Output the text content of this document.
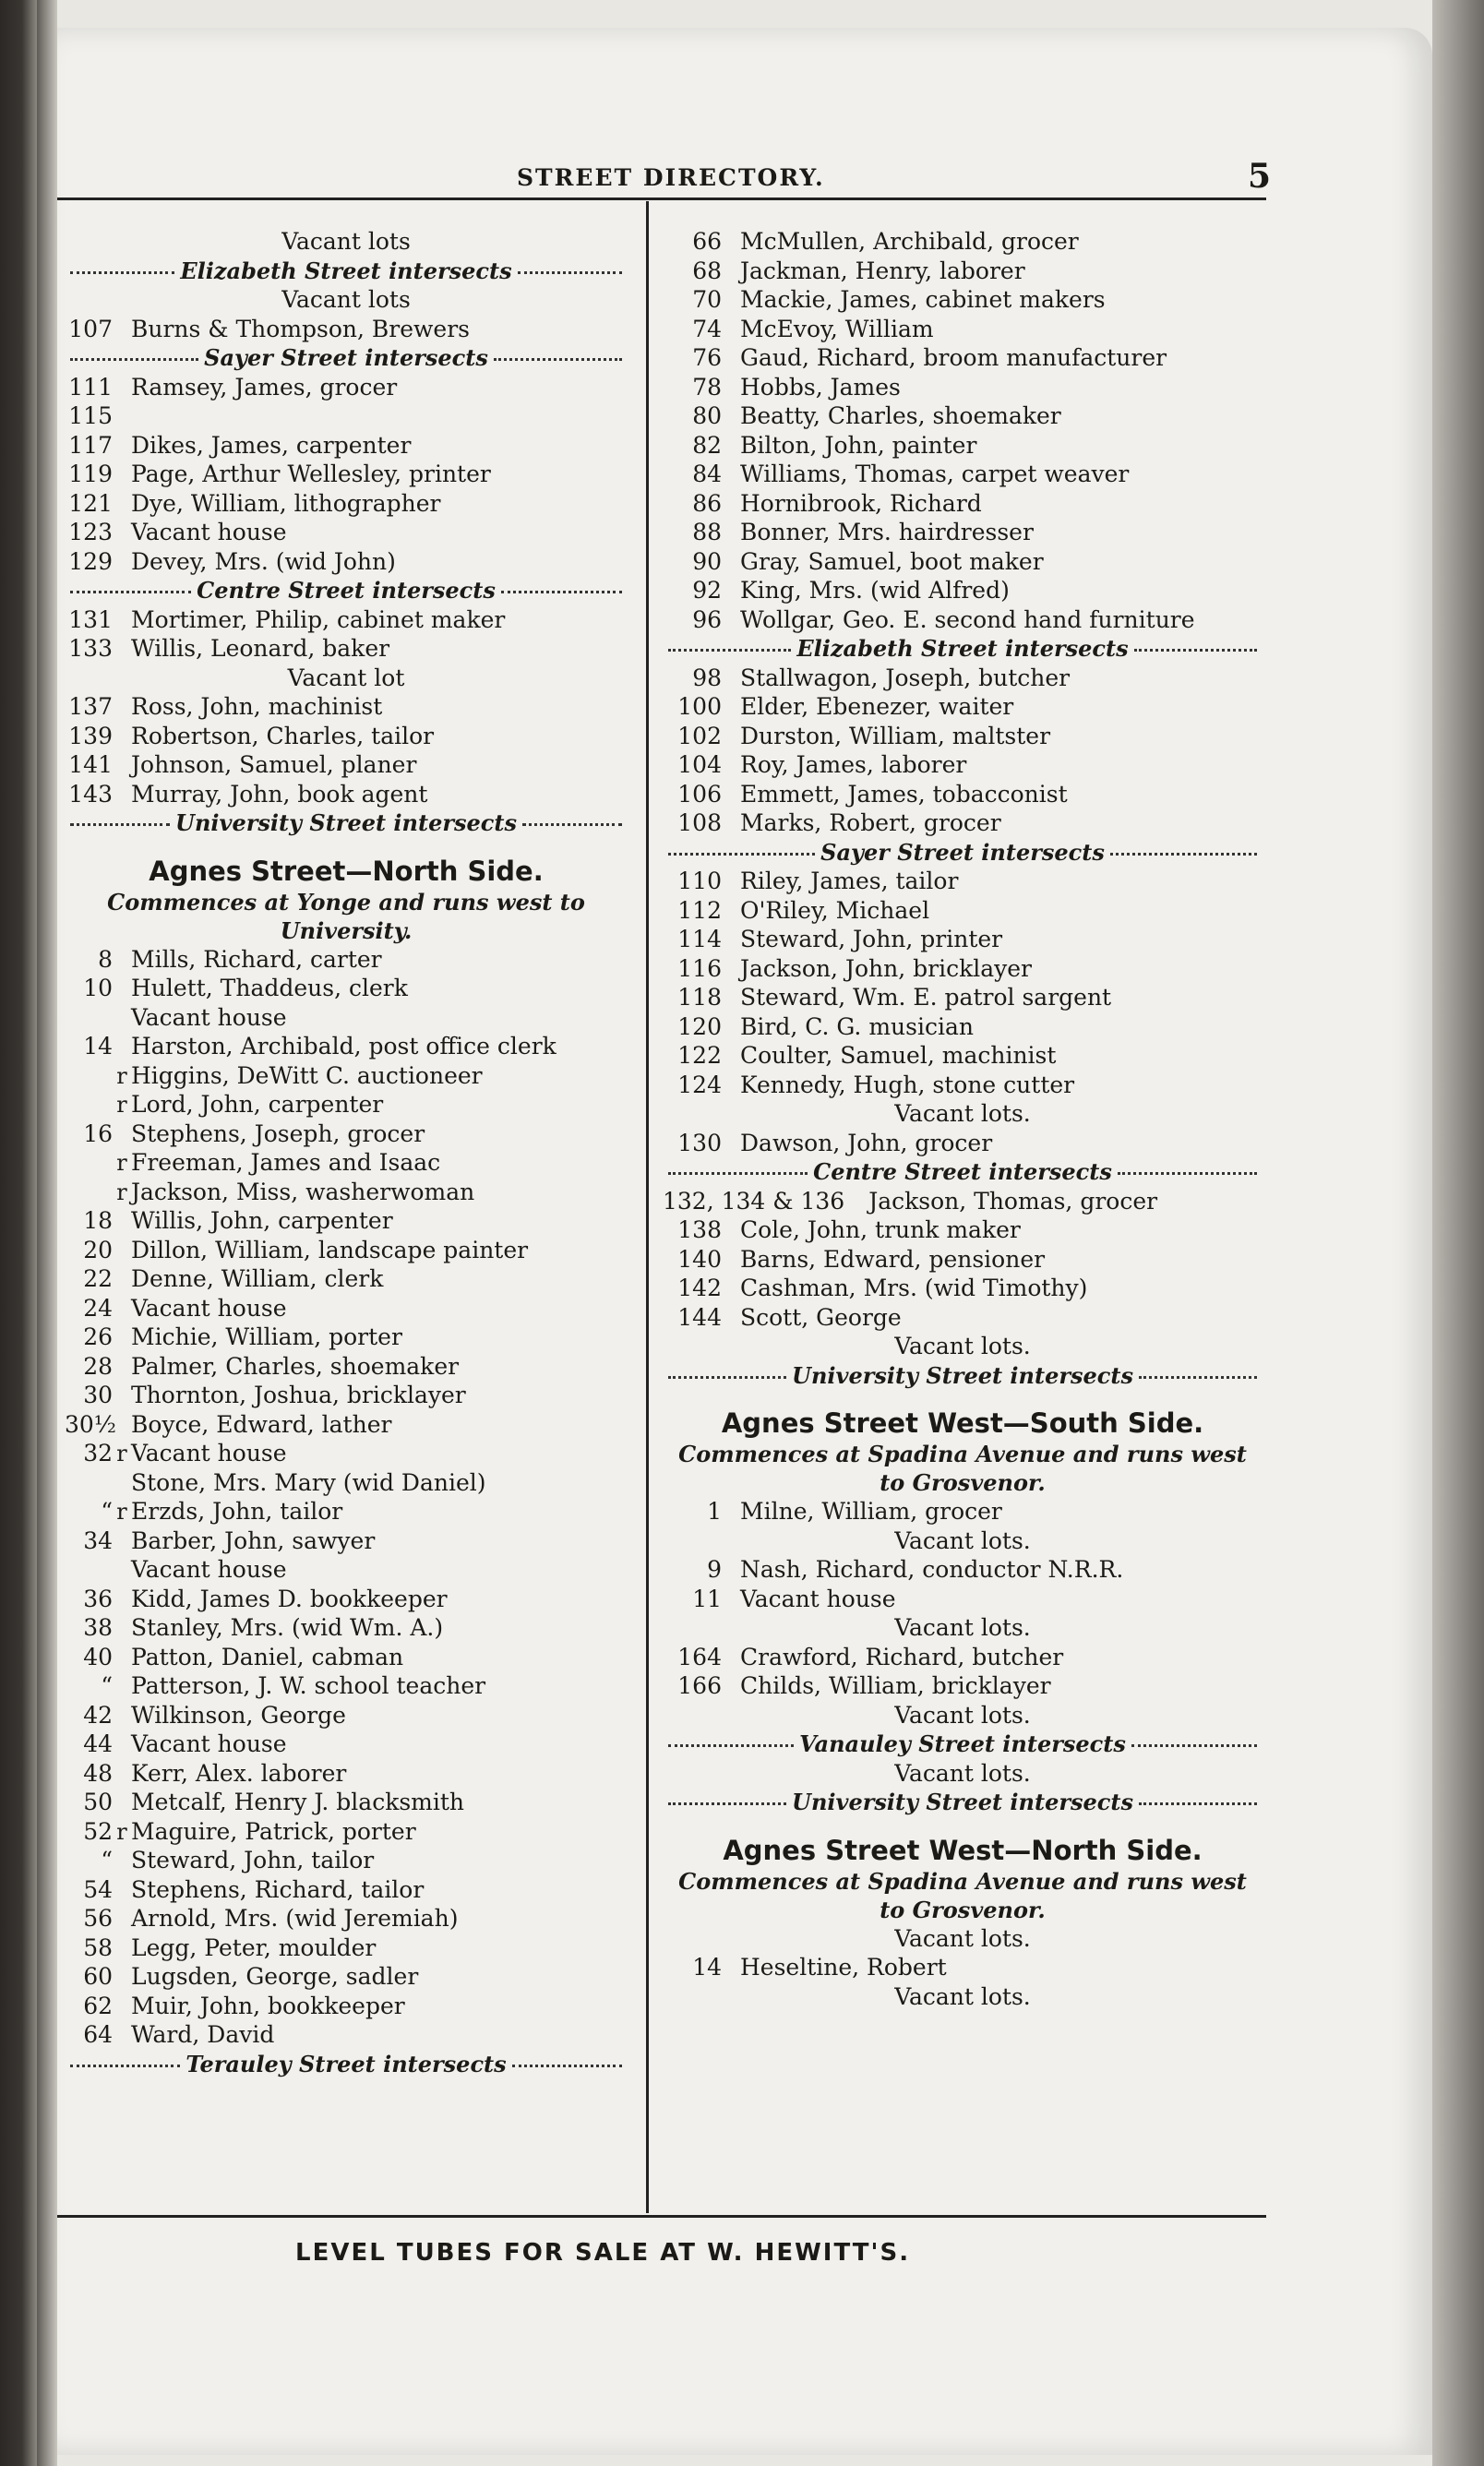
STREET DIRECTORY.	5
Vacant lots
Elizabeth Street intersects
Vacant lots
107 Burns & Thompson, Brewers
Sayer Street intersects
111 Ramsey, James, grocer
115
117 Dikes, James, carpenter
119 Page, Arthur Wellesley, printer
121 Dye, William, lithographer
123 Vacant house
129 Devey, Mrs. (wid John)
Centre Street intersects
131 Mortimer, Philip, cabinet maker
133 Willis, Leonard, baker
Vacant lot
137 Ross, John, machinist
139 Robertson, Charles, tailor
141 Johnson, Samuel, planer
143 Murray, John, book agent
University Street intersects
Agnes Street—North Side.
Commences at Yonge and runs west to University.
8 Mills, Richard, carter
10 Hulett, Thaddeus, clerk
Vacant house
14 Harston, Archibald, post office clerk
r Higgins, DeWitt C. auctioneer
r Lord, John, carpenter
16 Stephens, Joseph, grocer
r Freeman, James and Isaac
r Jackson, Miss, washerwoman
18 Willis, John, carpenter
20 Dillon, William, landscape painter
22 Denne, William, clerk
24 Vacant house
26 Michie, William, porter
28 Palmer, Charles, shoemaker
30 Thornton, Joshua, bricklayer
30½ Boyce, Edward, lather
32 r Vacant house
Stone, Mrs. Mary (wid Daniel)
“ r Erzds, John, tailor
34 Barber, John, sawyer
Vacant house
36 Kidd, James D. bookkeeper
38 Stanley, Mrs. (wid Wm. A.)
40 Patton, Daniel, cabman
“ Patterson, J. W. school teacher
42 Wilkinson, George
44 Vacant house
48 Kerr, Alex. laborer
50 Metcalf, Henry J. blacksmith
52 r Maguire, Patrick, porter
“ Steward, John, tailor
54 Stephens, Richard, tailor
56 Arnold, Mrs. (wid Jeremiah)
58 Legg, Peter, moulder
60 Lugsden, George, sadler
62 Muir, John, bookkeeper
64 Ward, David
Terauley Street intersects
66 McMullen, Archibald, grocer
68 Jackman, Henry, laborer
70 Mackie, James, cabinet makers
74 McEvoy, William
76 Gaud, Richard, broom manufacturer
78 Hobbs, James
80 Beatty, Charles, shoemaker
82 Bilton, John, painter
84 Williams, Thomas, carpet weaver
86 Hornibrook, Richard
88 Bonner, Mrs. hairdresser
90 Gray, Samuel, boot maker
92 King, Mrs. (wid Alfred)
96 Wollgar, Geo. E. second hand furniture
Elizabeth Street intersects
98 Stallwagon, Joseph, butcher
100 Elder, Ebenezer, waiter
102 Durston, William, maltster
104 Roy, James, laborer
106 Emmett, James, tobacconist
108 Marks, Robert, grocer
Sayer Street intersects
110 Riley, James, tailor
112 O'Riley, Michael
114 Steward, John, printer
116 Jackson, John, bricklayer
118 Steward, Wm. E. patrol sargent
120 Bird, C. G. musician
122 Coulter, Samuel, machinist
124 Kennedy, Hugh, stone cutter
Vacant lots.
130 Dawson, John, grocer
Centre Street intersects
132, 134 & 136 Jackson, Thomas, grocer
138 Cole, John, trunk maker
140 Barns, Edward, pensioner
142 Cashman, Mrs. (wid Timothy)
144 Scott, George
Vacant lots.
University Street intersects
Agnes Street West—South Side.
Commences at Spadina Avenue and runs west to Grosvenor.
1 Milne, William, grocer
Vacant lots.
9 Nash, Richard, conductor N.R.R.
11 Vacant house
Vacant lots.
164 Crawford, Richard, butcher
166 Childs, William, bricklayer
Vacant lots.
Vanauley Street intersects
Vacant lots.
University Street intersects
Agnes Street West—North Side.
Commences at Spadina Avenue and runs west to Grosvenor.
Vacant lots.
14 Heseltine, Robert
Vacant lots.
LEVEL TUBES FOR SALE AT W. HEWITT'S.
